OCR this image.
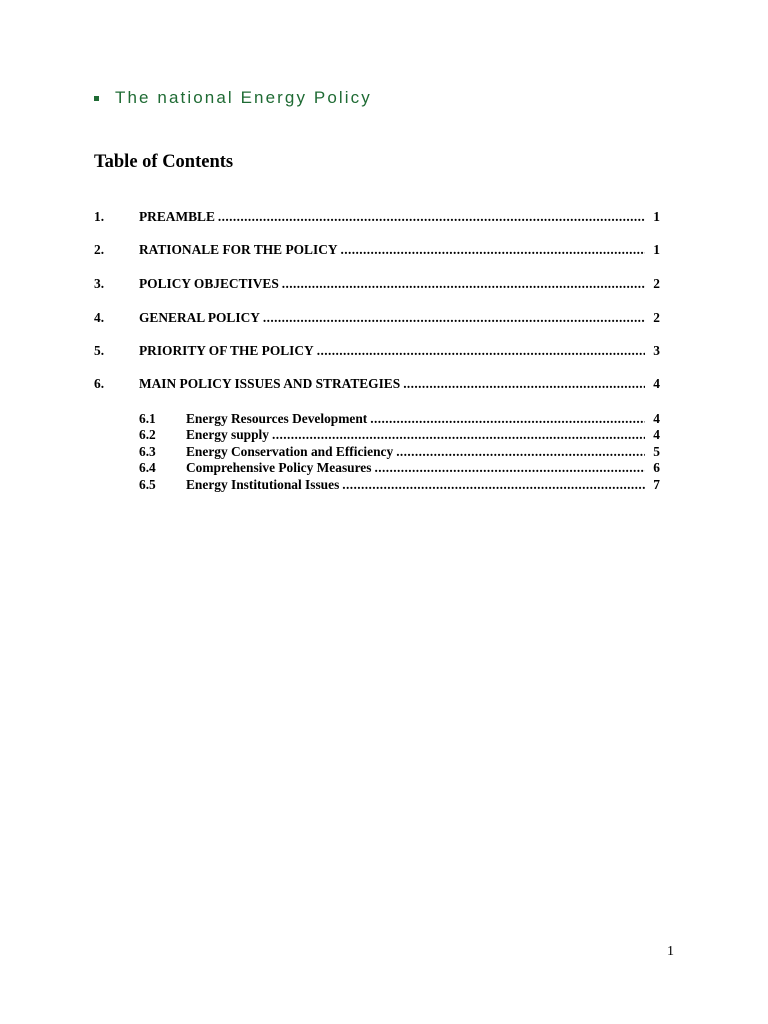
The national Energy Policy
Table of Contents
1.	PREAMBLE .....	1
2.	RATIONALE FOR THE POLICY .....	1
3.	POLICY OBJECTIVES .....	2
4.	GENERAL POLICY .....	2
5.	PRIORITY OF THE POLICY .....	3
6.	MAIN POLICY ISSUES AND STRATEGIES .....	4
6.1	Energy Resources Development .....	4
6.2	Energy supply .....	4
6.3	Energy Conservation and Efficiency .....	5
6.4	Comprehensive Policy Measures .....	6
6.5	Energy Institutional Issues .....	7
1
